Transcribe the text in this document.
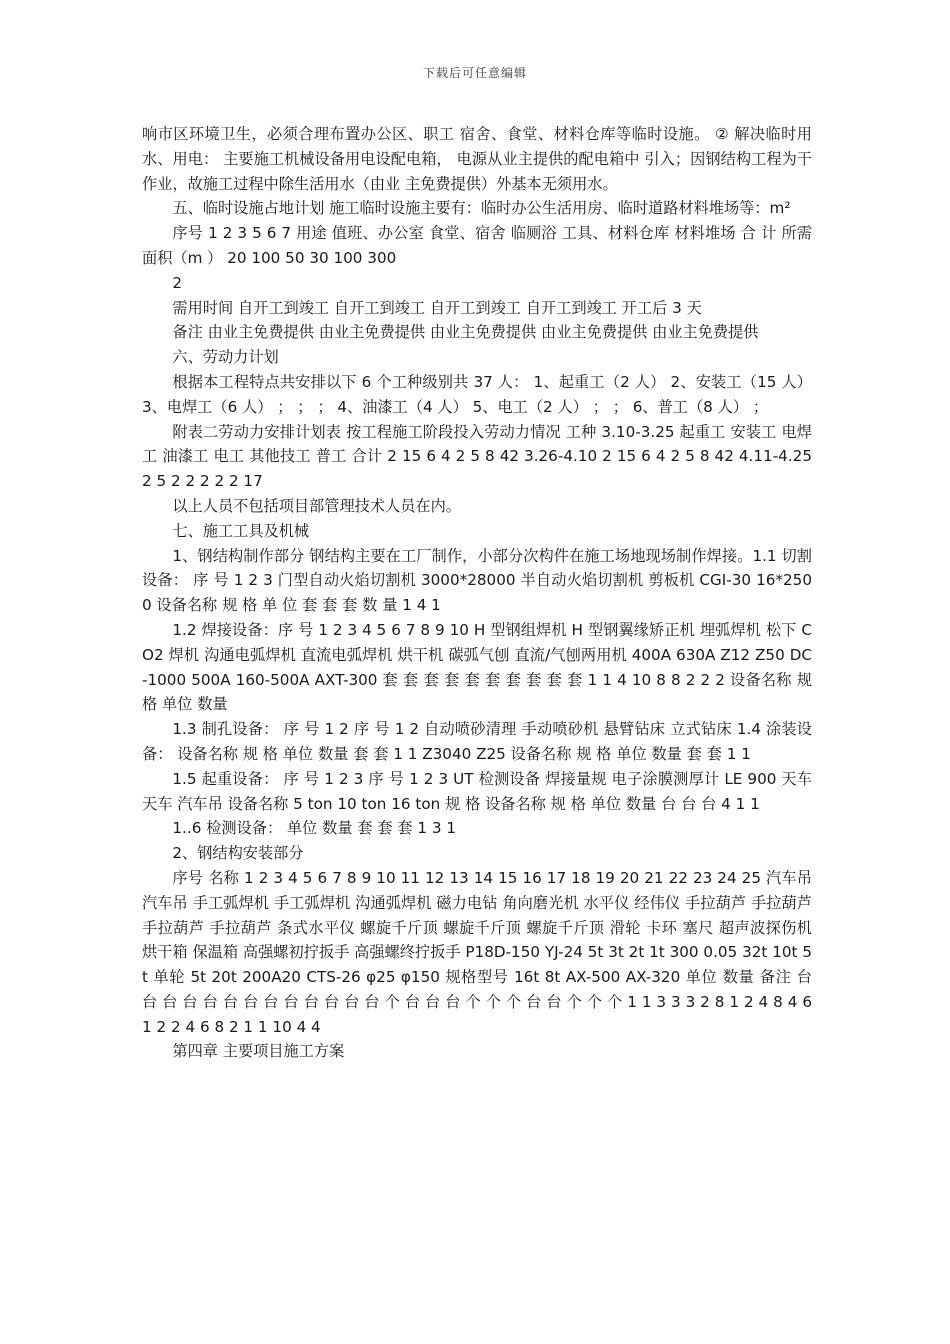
下载后可任意编辑

响市区环境卫生，必须合理布置办公区、职工 宿舍、食堂、材料仓库等临时设施。 ② 解决临时用水、用电： 主要施工机械设备用电设配电箱， 电源从业主提供的配电箱中 引入；因钢结构工程为干作业，故施工过程中除生活用水（由业 主免费提供）外基本无须用水。

五、临时设施占地计划 施工临时设施主要有：临时办公生活用房、临时道路材料堆场等：m²

序号 1 2 3 5 6 7 用途 值班、办公室 食堂、宿舍 临厕浴 工具、材料仓库 材料堆场 合 计 所需面积（m ） 20 100 50 30 100 300

2

需用时间 自开工到竣工 自开工到竣工 自开工到竣工 自开工到竣工 开工后 3 天

备注 由业主免费提供 由业主免费提供 由业主免费提供 由业主免费提供 由业主免费提供

六、劳动力计划

根据本工程特点共安排以下 6 个工种级别共 37 人： 1、起重工（2 人） 2、安装工（15 人） 3、电焊工（6 人） ； ； ； 4、油漆工（4 人） 5、电工（2 人） ； ； 6、普工（8 人） ；

附表二劳动力安排计划表 按工程施工阶段投入劳动力情况 工种 3.10-3.25 起重工 安装工 电焊工 油漆工 电工 其他技工 普工 合计 2 15 6 4 2 5 8 42 3.26-4.10 2 15 6 4 2 5 8 42 4.11-4.25 2 5 2 2 2 2 2 17

以上人员不包括项目部管理技术人员在内。

七、施工工具及机械

1、钢结构制作部分 钢结构主要在工厂制作，小部分次构件在施工场地现场制作焊接。1.1 切割设备： 序 号 1 2 3 门型自动火焰切割机 3000*28000 半自动火焰切割机 剪板机 CGI-30 16*2500 设备名称 规 格 单 位 套 套 套 数 量 1 4 1

1.2 焊接设备：序 号 1 2 3 4 5 6 7 8 9 10 H 型钢组焊机 H 型钢翼缘矫正机 埋弧焊机 松下 CO2 焊机 沟通电弧焊机 直流电弧焊机 烘干机 碳弧气刨 直流/气刨两用机 400A 630A Z12 Z50 DC-1000 500A 160-500A AXT-300 套 套 套 套 套 套 套 套 套 套 1 1 4 10 8 8 2 2 2 设备名称 规 格 单位 数量

1.3 制孔设备： 序 号 1 2 序 号 1 2 自动喷砂清理 手动喷砂机 悬臂钻床 立式钻床 1.4 涂装设备： 设备名称 规 格 单位 数量 套 套 1 1 Z3040 Z25 设备名称 规 格 单位 数量 套 套 1 1

1.5 起重设备： 序 号 1 2 3 序 号 1 2 3 UT 检测设备 焊接量规 电子涂膜测厚计 LE 900 天车 天车 汽车吊 设备名称 5 ton 10 ton 16 ton 规 格 设备名称 规 格 单位 数量 台 台 台 4 1 1

1..6 检测设备： 单位 数量 套 套 套 1 3 1

2、钢结构安装部分

序号 名称 1 2 3 4 5 6 7 8 9 10 11 12 13 14 15 16 17 18 19 20 21 22 23 24 25 汽车吊 汽车吊 手工弧焊机 手工弧焊机 沟通弧焊机 磁力电钻 角向磨光机 水平仪 经伟仪 手拉葫芦 手拉葫芦 手拉葫芦 手拉葫芦 条式水平仪 螺旋千斤顶 螺旋千斤顶 螺旋千斤顶 滑轮 卡环 塞尺 超声波探伤机 烘干箱 保温箱 高强螺初拧扳手 高强螺终拧扳手 P18D-150 YJ-24 5t 3t 2t 1t 300 0.05 32t 10t 5t 单轮 5t 20t 200A20 CTS-26 φ25 φ150 规格型号 16t 8t AX-500 AX-320 单位 数量 备注 台 台 台 台 台 台 台 台 台 台 台 台 台 个 台 台 台 个 个 个 台 台 个 个 个 1 1 3 3 3 2 8 1 2 4 8 4 6 1 2 2 4 6 8 2 1 1 10 4 4

第四章 主要项目施工方案
